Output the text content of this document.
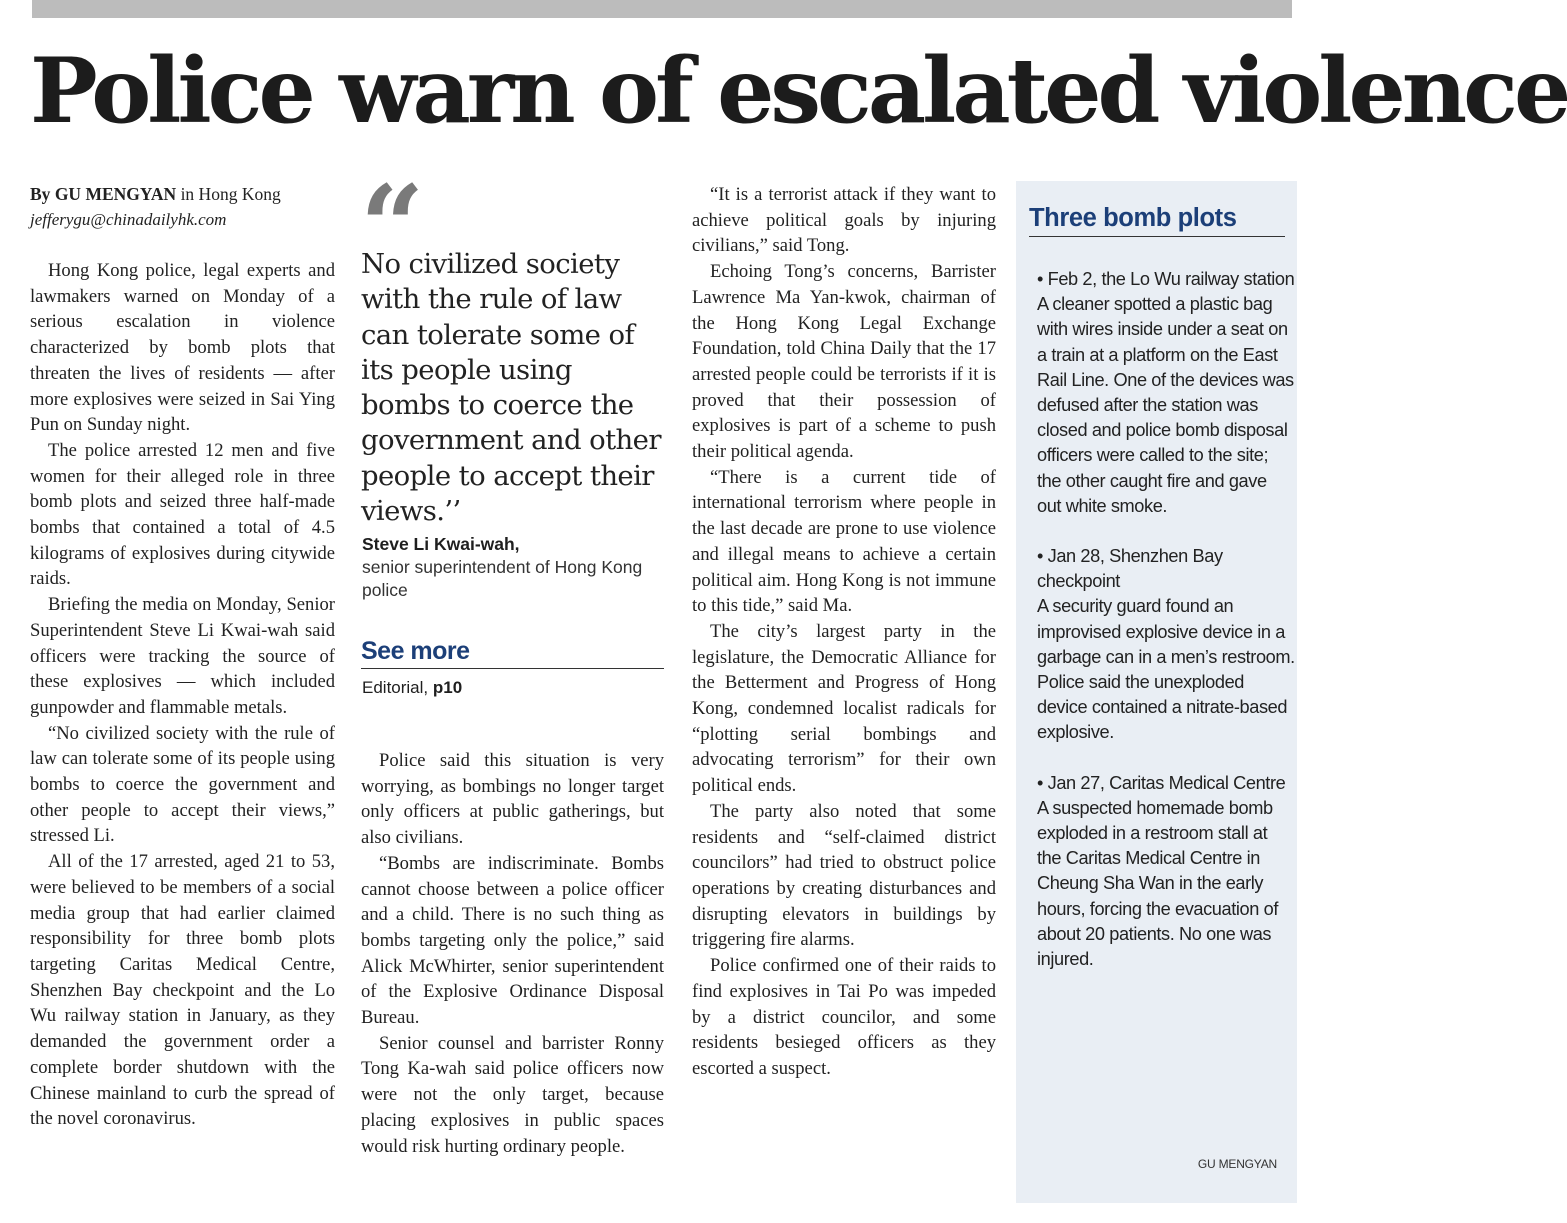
Police warn of escalated violence

By GU MENGYAN in Hong Kong

jefferygu@chinadailyhk.com

Hong Kong police, legal experts and lawmakers warned on Monday of a serious escalation in violence characterized by bomb plots that threaten the lives of residents — after more explosives were seized in Sai Ying Pun on Sunday night.

The police arrested 12 men and five women for their alleged role in three bomb plots and seized three half-made bombs that contained a total of 4.5 kilograms of explosives during citywide raids.

Briefing the media on Monday, Senior Superintendent Steve Li Kwai-wah said officers were tracking the source of these explosives — which included gunpowder and flammable metals.

“No civilized society with the rule of law can tolerate some of its people using bombs to coerce the government and other people to accept their views,” stressed Li.

All of the 17 arrested, aged 21 to 53, were believed to be members of a social media group that had earlier claimed responsibility for three bomb plots targeting Caritas Medical Centre, Shenzhen Bay checkpoint and the Lo Wu railway station in January, as they demanded the government order a complete border shutdown with the Chinese mainland to curb the spread of the novel coronavirus.

“
No civilized society with the rule of law can tolerate some of its people using bombs to coerce the government and other people to accept their views.’’
Steve Li Kwai-wah,
senior superintendent of Hong Kong police
See more
Editorial, p10

Police said this situation is very worrying, as bombings no longer target only officers at public gatherings, but also civilians.

“Bombs are indiscriminate. Bombs cannot choose between a police officer and a child. There is no such thing as bombs targeting only the police,” said Alick McWhirter, senior superintendent of the Explosive Ordinance Disposal Bureau.

Senior counsel and barrister Ronny Tong Ka-wah said police officers now were not the only target, because placing explosives in public spaces would risk hurting ordinary people.

“It is a terrorist attack if they want to achieve political goals by injuring civilians,” said Tong.

Echoing Tong’s concerns, Barrister Lawrence Ma Yan-kwok, chairman of the Hong Kong Legal Exchange Foundation, told China Daily that the 17 arrested people could be terrorists if it is proved that their possession of explosives is part of a scheme to push their political agenda.

“There is a current tide of international terrorism where people in the last decade are prone to use violence and illegal means to achieve a certain political aim. Hong Kong is not immune to this tide,” said Ma.

The city’s largest party in the legislature, the Democratic Alliance for the Betterment and Progress of Hong Kong, condemned localist radicals for “plotting serial bombings and advocating terrorism” for their own political ends.

The party also noted that some residents and “self-claimed district councilors” had tried to obstruct police operations by creating disturbances and disrupting elevators in buildings by triggering fire alarms.

Police confirmed one of their raids to find explosives in Tai Po was impeded by a district councilor, and some residents besieged officers as they escorted a suspect.

Three bomb plots
• Feb 2, the Lo Wu railway station
A cleaner spotted a plastic bag with wires inside under a seat on a train at a platform on the East Rail Line. One of the devices was defused after the station was closed and police bomb disposal officers were called to the site; the other caught fire and gave out white smoke.
• Jan 28, Shenzhen Bay checkpoint
A security guard found an improvised explosive device in a garbage can in a men’s restroom. Police said the unexploded device contained a nitrate-based explosive.
• Jan 27, Caritas Medical Centre
A suspected homemade bomb exploded in a restroom stall at the Caritas Medical Centre in Cheung Sha Wan in the early hours, forcing the evacuation of about 20 patients. No one was injured.
GU MENGYAN
